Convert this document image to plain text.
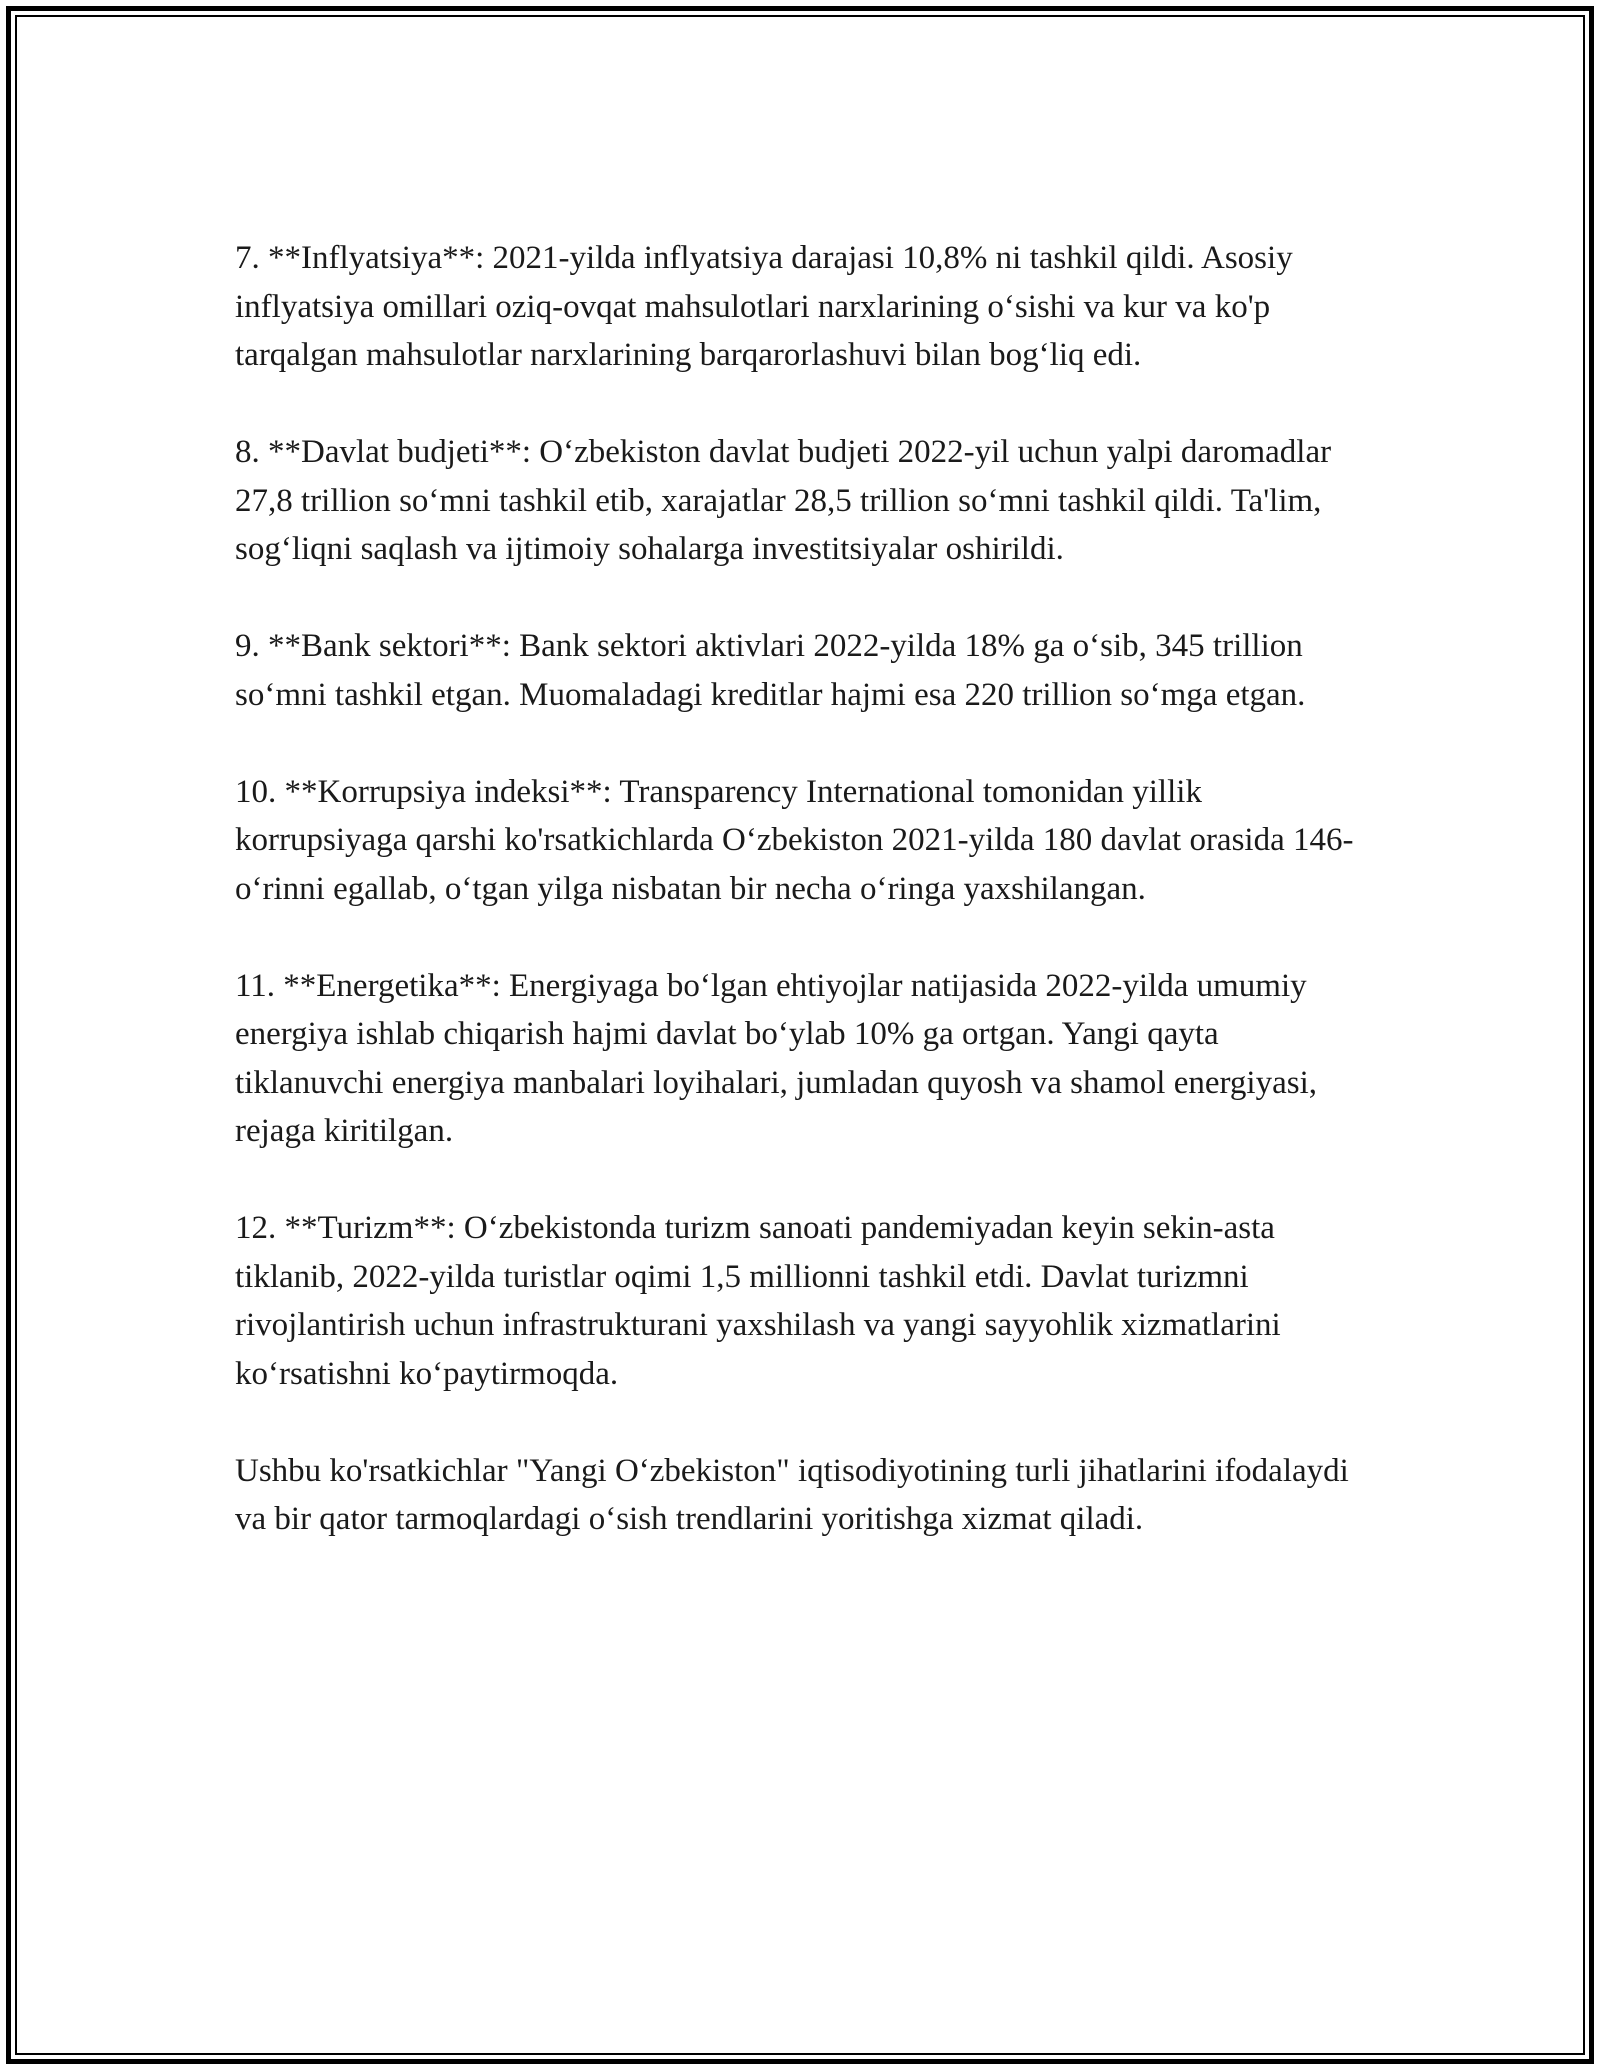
7. **Inflyatsiya**: 2021-yilda inflyatsiya darajasi 10,8% ni tashkil qildi. Asosiy inflyatsiya omillari oziq-ovqat mahsulotlari narxlarining o‘sishi va kur va ko'p tarqalgan mahsulotlar narxlarining barqarorlashuvi bilan bog‘liq edi.

8. **Davlat budjeti**: O‘zbekiston davlat budjeti 2022-yil uchun yalpi daromadlar 27,8 trillion so‘mni tashkil etib, xarajatlar 28,5 trillion so‘mni tashkil qildi. Ta'lim, sog‘liqni saqlash va ijtimoiy sohalarga investitsiyalar oshirildi.

9. **Bank sektori**: Bank sektori aktivlari 2022-yilda 18% ga o‘sib, 345 trillion so‘mni tashkil etgan. Muomaladagi kreditlar hajmi esa 220 trillion so‘mga etgan.

10. **Korrupsiya indeksi**: Transparency International tomonidan yillik korrupsiyaga qarshi ko'rsatkichlarda O‘zbekiston 2021-yilda 180 davlat orasida 146-o‘rinni egallab, o‘tgan yilga nisbatan bir necha o‘ringa yaxshilangan.

11. **Energetika**: Energiyaga bo‘lgan ehtiyojlar natijasida 2022-yilda umumiy energiya ishlab chiqarish hajmi davlat bo‘ylab 10% ga ortgan. Yangi qayta tiklanuvchi energiya manbalari loyihalari, jumladan quyosh va shamol energiyasi, rejaga kiritilgan.

12. **Turizm**: O‘zbekistonda turizm sanoati pandemiyadan keyin sekin-asta tiklanib, 2022-yilda turistlar oqimi 1,5 millionni tashkil etdi. Davlat turizmni rivojlantirish uchun infrastrukturani yaxshilash va yangi sayyohlik xizmatlarini ko‘rsatishni ko‘paytirmoqda.

Ushbu ko'rsatkichlar "Yangi O‘zbekiston" iqtisodiyotining turli jihatlarini ifodalaydi va bir qator tarmoqlardagi o‘sish trendlarini yoritishga xizmat qiladi.
